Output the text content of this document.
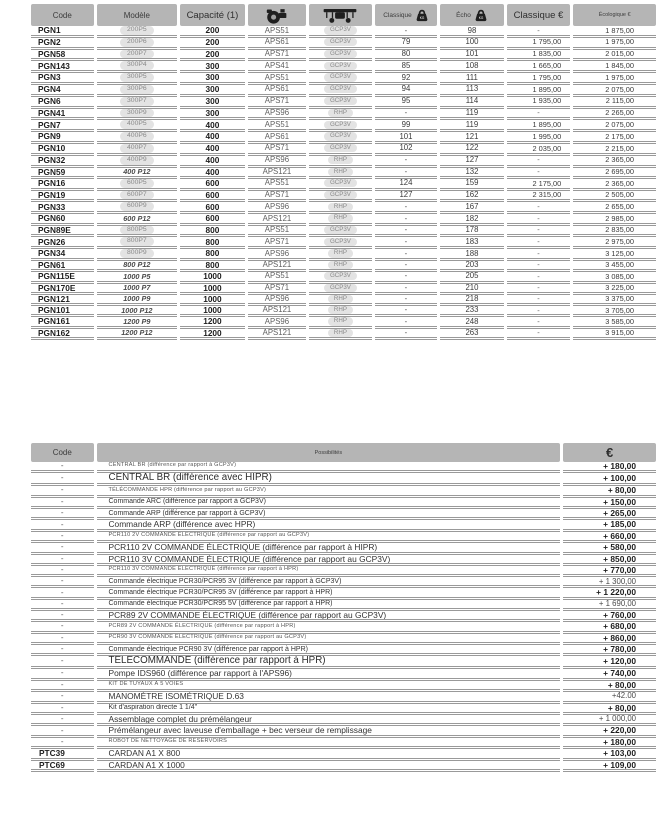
Code	Modèle	Capacité (1)			Classique KG	Écho KG	Classique €	Écologique €
PGN1	200P5	200	APS51	GCP3V	-	98	-	1 875,00
PGN2	200P6	200	APS61	GCP3V	79	100	1 795,00	1 975,00
PGN58	200P7	200	APS71	GCP3V	80	101	1 835,00	2 015,00
PGN143	300P4	300	APS41	GCP3V	85	108	1 665,00	1 845,00
PGN3	300P5	300	APS51	GCP3V	92	111	1 795,00	1 975,00
PGN4	300P6	300	APS61	GCP3V	94	113	1 895,00	2 075,00
PGN6	300P7	300	APS71	GCP3V	95	114	1 935,00	2 115,00
PGN41	300P9	300	APS96	RHP	-	119	-	2 265,00
PGN7	400P5	400	APS51	GCP3V	99	119	1 895,00	2 075,00
PGN9	400P6	400	APS61	GCP3V	101	121	1 995,00	2 175,00
PGN10	400P7	400	APS71	GCP3V	102	122	2 035,00	2 215,00
PGN32	400P9	400	APS96	RHP	-	127	-	2 365,00
PGN59	400 P12	400	APS121	RHP	-	132	-	2 695,00
PGN16	600P5	600	APS51	GCP3V	124	159	2 175,00	2 365,00
PGN19	600P7	600	APS71	GCP3V	127	162	2 315,00	2 505,00
PGN33	600P9	600	APS96	RHP	-	167	-	2 655,00
PGN60	600 P12	600	APS121	RHP	-	182	-	2 985,00
PGN89E	800P5	800	APS51	GCP3V	-	178	-	2 835,00
PGN26	800P7	800	APS71	GCP3V	-	183	-	2 975,00
PGN34	800P9	800	APS96	RHP	-	188	-	3 125,00
PGN61	800 P12	800	APS121	RHP	-	203	-	3 455,00
PGN115E	1000 P5	1000	APS51	GCP3V	-	205	-	3 085,00
PGN170E	1000 P7	1000	APS71	GCP3V	-	210	-	3 225,00
PGN121	1000 P9	1000	APS96	RHP	-	218	-	3 375,00
PGN101	1000 P12	1000	APS121	RHP	-	233	-	3 705,00
PGN161	1200 P9	1200	APS96	RHP	-	248	-	3 585,00
PGN162	1200 P12	1200	APS121	RHP	-	263	-	3 915,00
Code	Possibilités	€
-	CENTRAL BR (différence par rapport à GCP3V)	+ 180,00
-	CENTRAL BR (différence avec HIPR)	+ 100,00
-	TÉLÉCOMMANDE HPR (différence par rapport au GCP3V)	+ 80,00
-	Commande ARC (différence par rapport à GCP3V)	+ 150,00
-	Commande ARP (différence par rapport à GCP3V)	+ 265,00
-	Commande ARP (différence avec HPR)	+ 185,00
-	PCR110 2V COMMANDE ÉLECTRIQUE (différence par rapport au GCP3V)	+ 660,00
-	PCR110 2V COMMANDE ÉLECTRIQUE (différence par rapport à HIPR)	+ 580,00
-	PCR110 3V COMMANDE ÉLECTRIQUE (différence par rapport au GCP3V)	+ 850,00
-	PCR110 3V COMMANDE ÉLECTRIQUE (différence par rapport à HPR)	+ 770,00
-	Commande électrique PCR30/PCR95 3V (différence par rapport à GCP3V)	+ 1 300,00
-	Commande électrique PCR30/PCR95 3V (différence par rapport à HPR)	+ 1 220,00
-	Commande électrique PCR30/PCR95 5V (différence par rapport à HPR)	+ 1 690,00
-	PCR89 2V COMMANDE ÉLECTRIQUE (différence par rapport au GCP3V)	+ 760,00
-	PCR89 2V COMMANDE ÉLECTRIQUE (différence par rapport à HPR)	+ 680,00
-	PCR90 3V COMMANDE ÉLECTRIQUE (différence par rapport au GCP3V)	+ 860,00
-	Commande électrique PCR90 3V (différence par rapport à HPR)	+ 780,00
-	TÉLÉCOMMANDE (différence par rapport à HPR)	+ 120,00
-	Pompe IDS960 (différence par rapport à l'APS96)	+ 740,00
-	KIT DE TUYAUX À 5 VOIES	+ 80,00
-	MANOMÈTRE ISOMÉTRIQUE D.63	+42.00
-	Kit d'aspiration directe 1 1/4"	+ 80,00
-	Assemblage complet du prémélangeur	+ 1 000,00
-	Prémélangeur avec laveuse d'emballage + bec verseur de remplissage	+ 220,00
-	ROBOT DE NETTOYAGE DE RÉSERVOIRS	+ 180,00
PTC39	CARDAN A1 X 800	+ 103,00
PTC69	CARDAN A1 X 1000	+ 109,00
